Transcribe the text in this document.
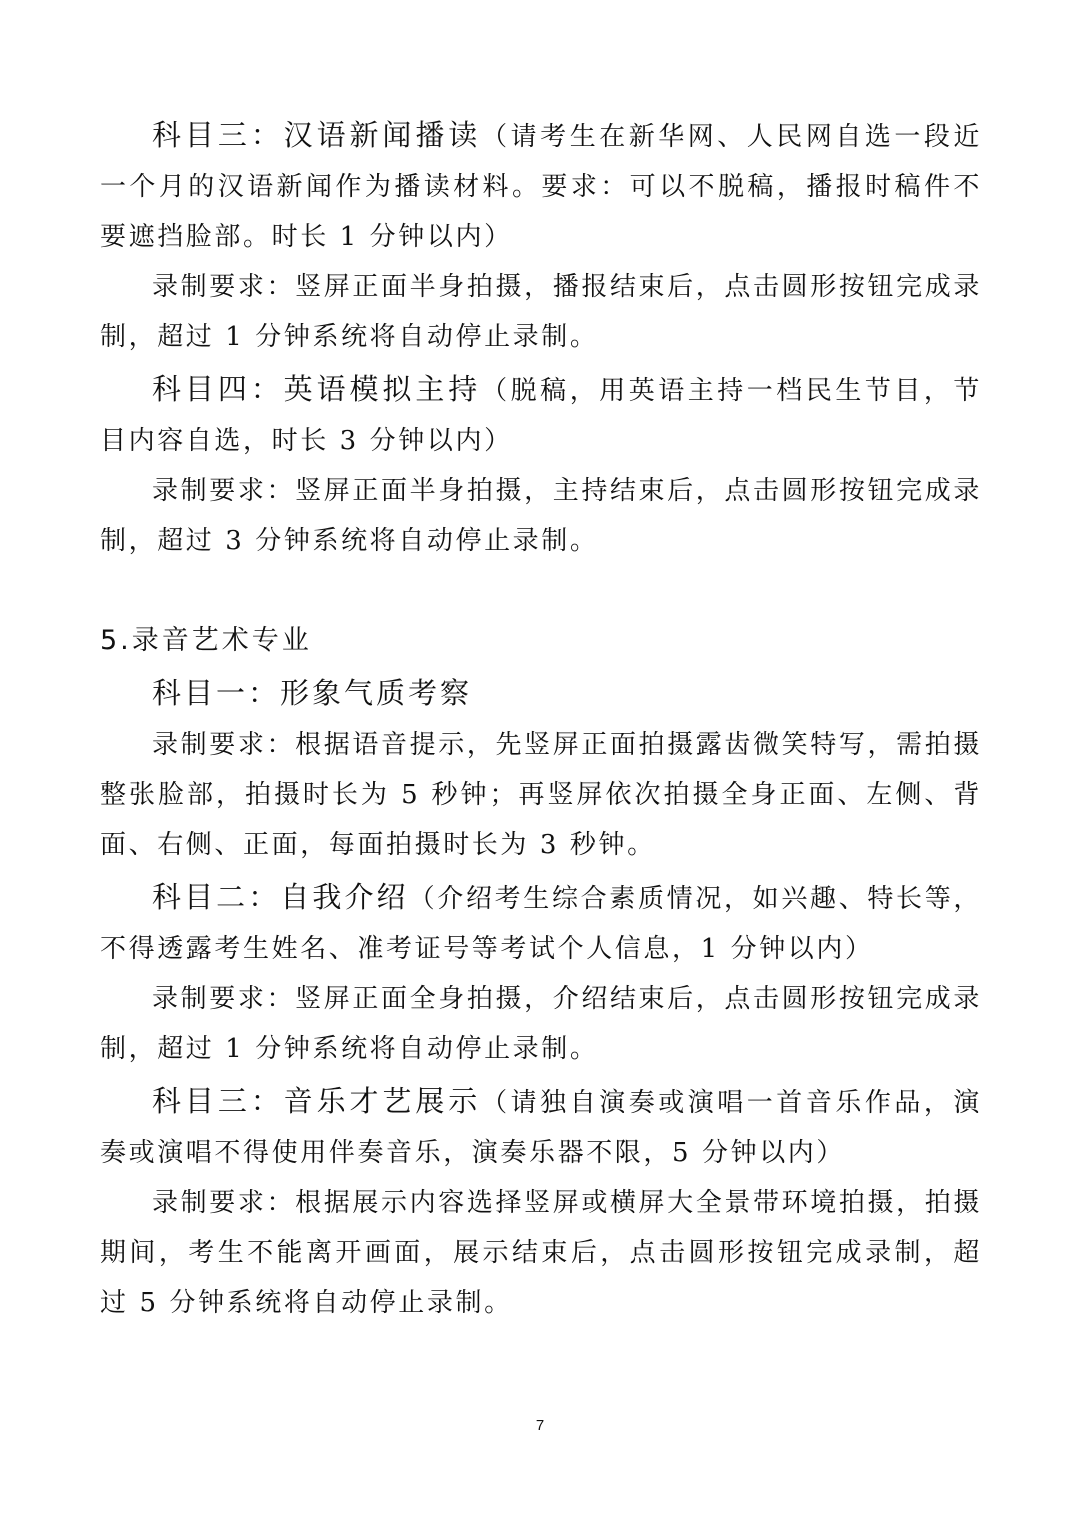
科目三：汉语新闻播读（请考生在新华网、人民网自选一段近一个月的汉语新闻作为播读材料。要求：可以不脱稿，播报时稿件不要遮挡脸部。时长 1 分钟以内）

录制要求：竖屏正面半身拍摄，播报结束后，点击圆形按钮完成录制，超过 1 分钟系统将自动停止录制。

科目四：英语模拟主持（脱稿，用英语主持一档民生节目，节目内容自选，时长 3 分钟以内）

录制要求：竖屏正面半身拍摄，主持结束后，点击圆形按钮完成录制，超过 3 分钟系统将自动停止录制。

5.录音艺术专业

科目一：形象气质考察

录制要求：根据语音提示，先竖屏正面拍摄露齿微笑特写，需拍摄整张脸部，拍摄时长为 5 秒钟；再竖屏依次拍摄全身正面、左侧、背面、右侧、正面，每面拍摄时长为 3 秒钟。

科目二：自我介绍（介绍考生综合素质情况，如兴趣、特长等，不得透露考生姓名、准考证号等考试个人信息，1 分钟以内）

录制要求：竖屏正面全身拍摄，介绍结束后，点击圆形按钮完成录制，超过 1 分钟系统将自动停止录制。

科目三：音乐才艺展示（请独自演奏或演唱一首音乐作品，演奏或演唱不得使用伴奏音乐，演奏乐器不限，5 分钟以内）

录制要求：根据展示内容选择竖屏或横屏大全景带环境拍摄，拍摄期间，考生不能离开画面，展示结束后，点击圆形按钮完成录制，超过 5 分钟系统将自动停止录制。

7
